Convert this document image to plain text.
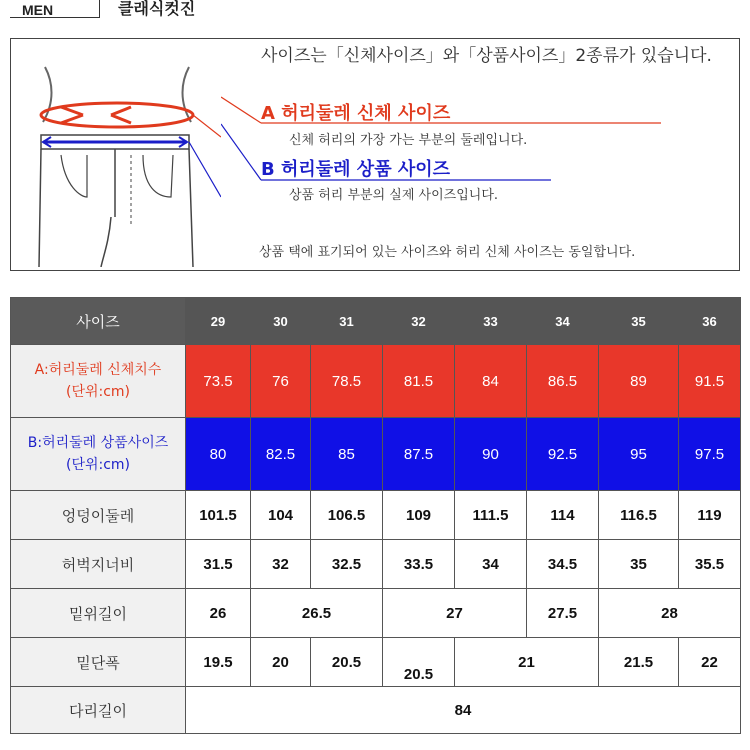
MEN	클래식컷진
사이즈는「신체사이즈」와「상품사이즈」2종류가 있습니다.
A 허리둘레 신체 사이즈
신체 허리의 가장 가는 부분의 둘레입니다.
B 허리둘레 상품 사이즈
상품 허리 부분의 실제 사이즈입니다.
상품 택에 표기되어 있는 사이즈와 허리 신체 사이즈는 동일합니다.
사이즈	29	30	31	32	33	34	35	36
A:허리둘레 신체치수
(단위:cm)	73.5	76	78.5	81.5	84	86.5	89	91.5
B:허리둘레 상품사이즈
(단위:cm)	80	82.5	85	87.5	90	92.5	95	97.5
엉덩이둘레	101.5	104	106.5	109	111.5	114	116.5	119
허벅지너비	31.5	32	32.5	33.5	34	34.5	35	35.5
밑위길이	26	26.5		27		27.5	28	
밑단폭	19.5	20	20.5	20.5	21		21.5	22
다리길이	84							
